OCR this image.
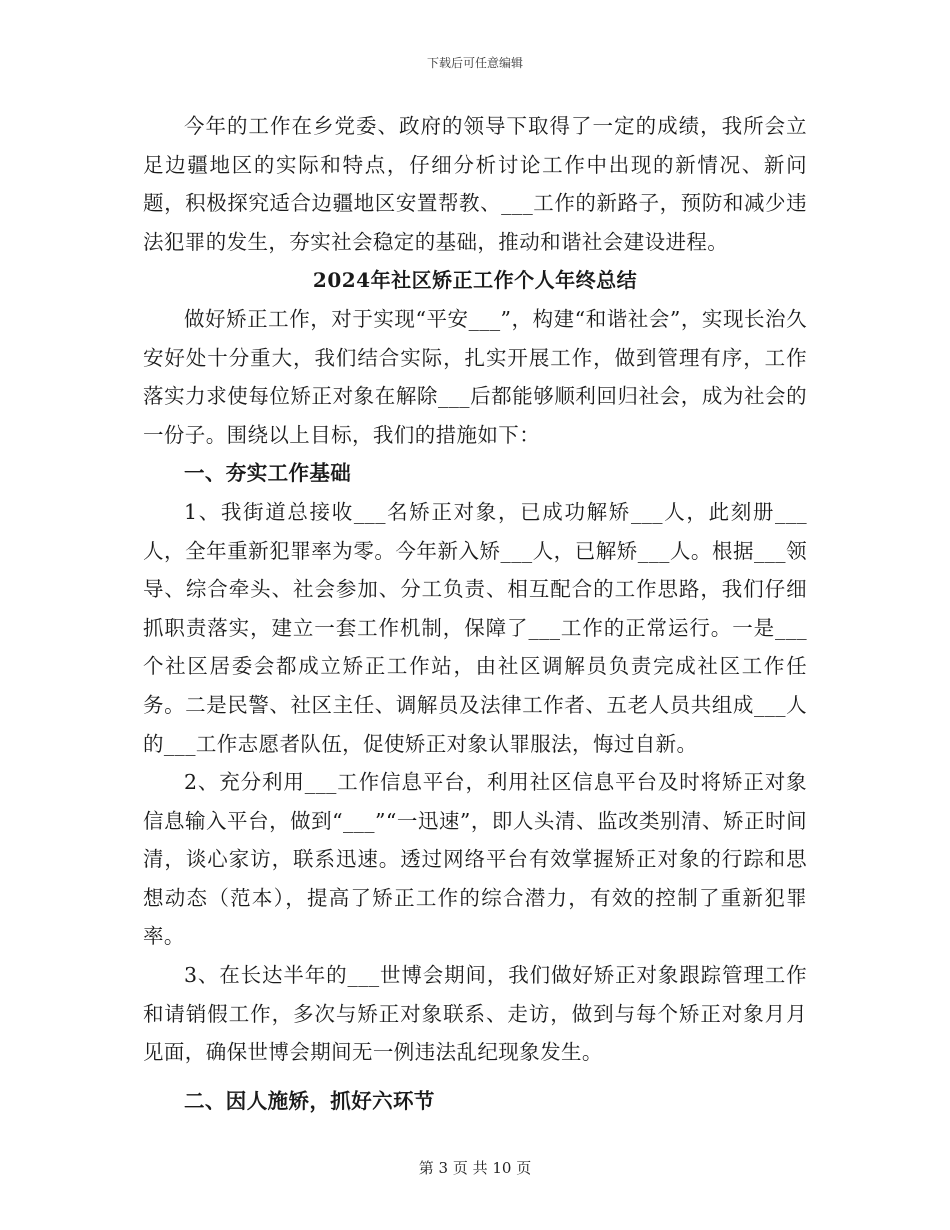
下载后可任意编辑

今年的工作在乡党委、政府的领导下取得了一定的成绩，我所会立足边疆地区的实际和特点，仔细分析讨论工作中出现的新情况、新问题，积极探究适合边疆地区安置帮教、___工作的新路子，预防和减少违法犯罪的发生，夯实社会稳定的基础，推动和谐社会建设进程。

2024年社区矫正工作个人年终总结

做好矫正工作，对于实现“平安___”，构建“和谐社会”，实现长治久安好处十分重大，我们结合实际，扎实开展工作，做到管理有序，工作落实力求使每位矫正对象在解除___后都能够顺利回归社会，成为社会的一份子。围绕以上目标，我们的措施如下：

一、夯实工作基础

1、我街道总接收___名矫正对象，已成功解矫___人，此刻册___人，全年重新犯罪率为零。今年新入矫___人，已解矫___人。根据___领导、综合牵头、社会参加、分工负责、相互配合的工作思路，我们仔细抓职责落实，建立一套工作机制，保障了___工作的正常运行。一是___个社区居委会都成立矫正工作站，由社区调解员负责完成社区工作任务。二是民警、社区主任、调解员及法律工作者、五老人员共组成___人的___工作志愿者队伍，促使矫正对象认罪服法，悔过自新。

2、充分利用___工作信息平台，利用社区信息平台及时将矫正对象信息输入平台，做到“___”“一迅速”，即人头清、监改类别清、矫正时间清，谈心家访，联系迅速。透过网络平台有效掌握矫正对象的行踪和思想动态（范本），提高了矫正工作的综合潜力，有效的控制了重新犯罪率。

3、在长达半年的___世博会期间，我们做好矫正对象跟踪管理工作和请销假工作，多次与矫正对象联系、走访，做到与每个矫正对象月月见面，确保世博会期间无一例违法乱纪现象发生。

二、因人施矫，抓好六环节

第 3 页 共 10 页
